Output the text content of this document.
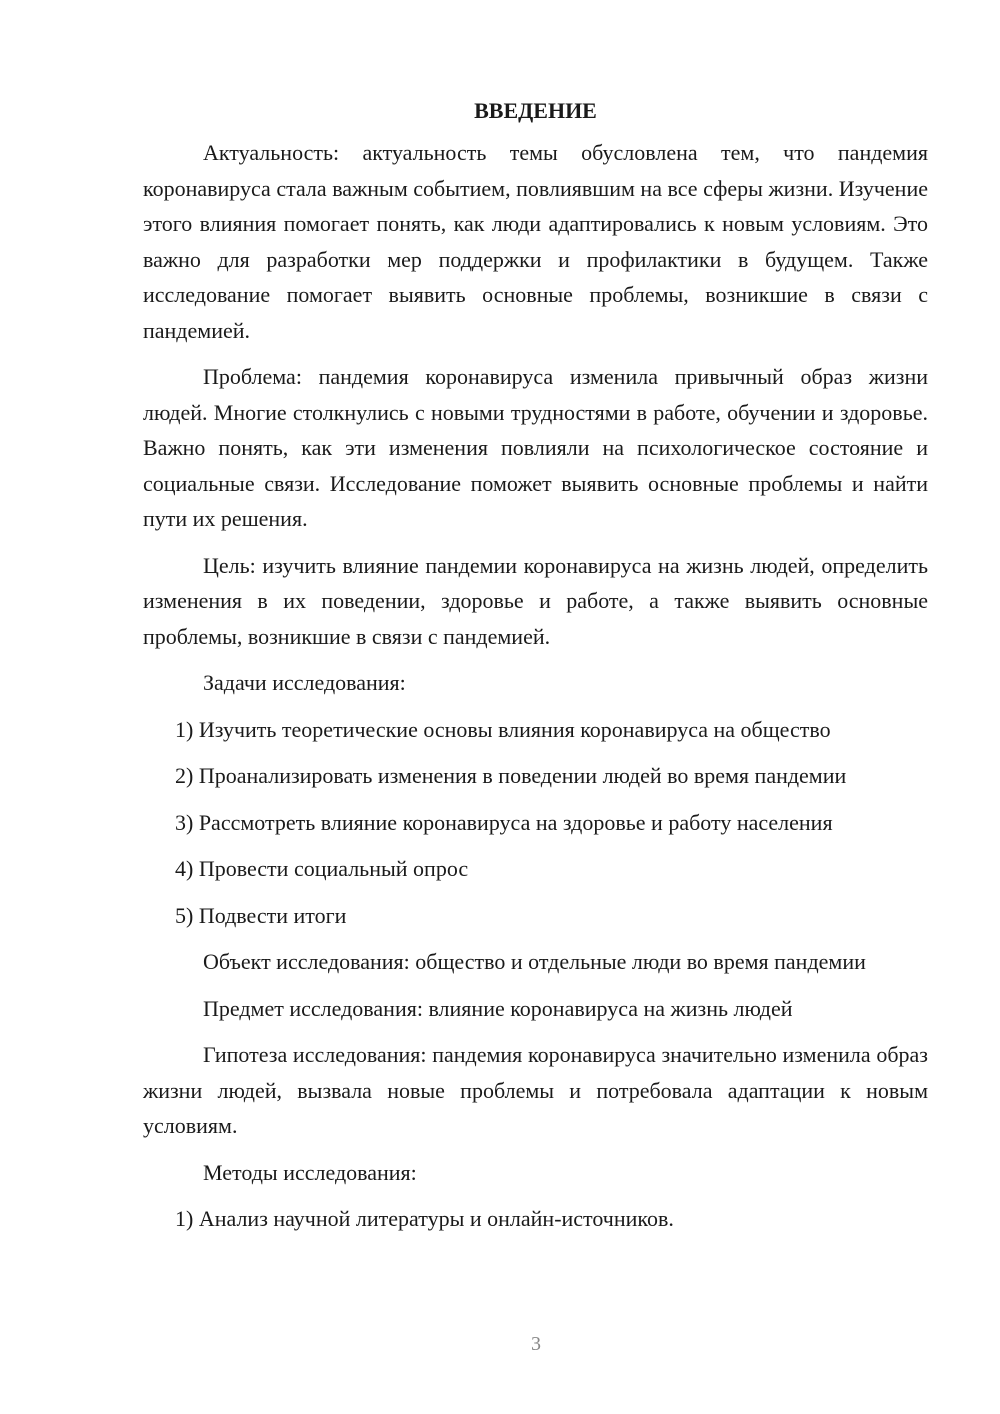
ВВЕДЕНИЕ

Актуальность: актуальность темы обусловлена тем, что пандемия коронавируса стала важным событием, повлиявшим на все сферы жизни. Изучение этого влияния помогает понять, как люди адаптировались к новым условиям. Это важно для разработки мер поддержки и профилактики в будущем. Также исследование помогает выявить основные проблемы, возникшие в связи с пандемией.

Проблема: пандемия коронавируса изменила привычный образ жизни людей. Многие столкнулись с новыми трудностями в работе, обучении и здоровье. Важно понять, как эти изменения повлияли на психологическое состояние и социальные связи. Исследование поможет выявить основные проблемы и найти пути их решения.

Цель: изучить влияние пандемии коронавируса на жизнь людей, определить изменения в их поведении, здоровье и работе, а также выявить основные проблемы, возникшие в связи с пандемией.

Задачи исследования:

1) Изучить теоретические основы влияния коронавируса на общество

2) Проанализировать изменения в поведении людей во время пандемии

3) Рассмотреть влияние коронавируса на здоровье и работу населения

4) Провести социальный опрос

5) Подвести итоги

Объект исследования: общество и отдельные люди во время пандемии

Предмет исследования: влияние коронавируса на жизнь людей

Гипотеза исследования: пандемия коронавируса значительно изменила образ жизни людей, вызвала новые проблемы и потребовала адаптации к новым условиям.

Методы исследования:

1) Анализ научной литературы и онлайн-источников.

3
